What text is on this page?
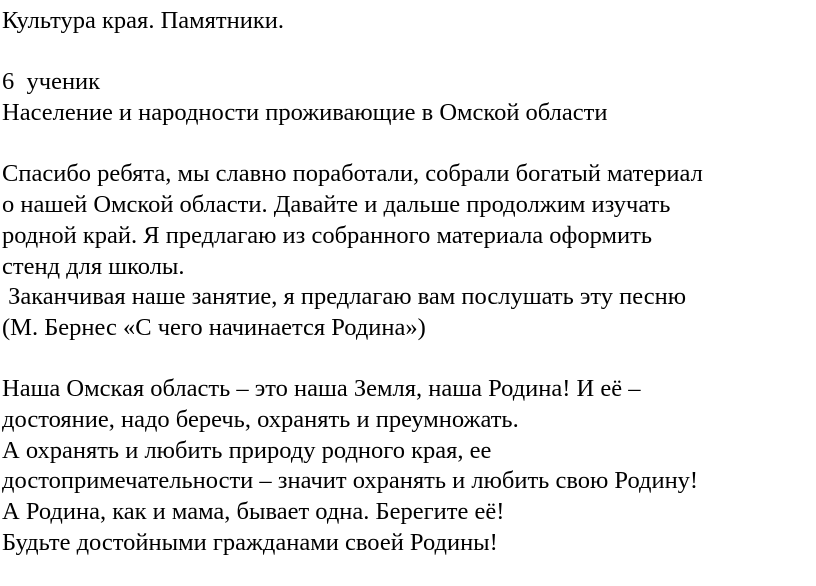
Культура края. Памятники.
6  ученик
Население и народности проживающие в Омской области
Спасибо ребята, мы славно поработали, собрали богатый материал
о нашей Омской области. Давайте и дальше продолжим изучать
родной край. Я предлагаю из собранного материала оформить
стенд для школы.
Заканчивая наше занятие, я предлагаю вам послушать эту песню
(М. Бернес «С чего начинается Родина»)
Наша Омская область – это наша Земля, наша Родина! И её –
достояние, надо беречь, охранять и преумножать.
А охранять и любить природу родного края, ее
достопримечательности – значит охранять и любить свою Родину!
А Родина, как и мама, бывает одна. Берегите её!
Будьте достойными гражданами своей Родины!
